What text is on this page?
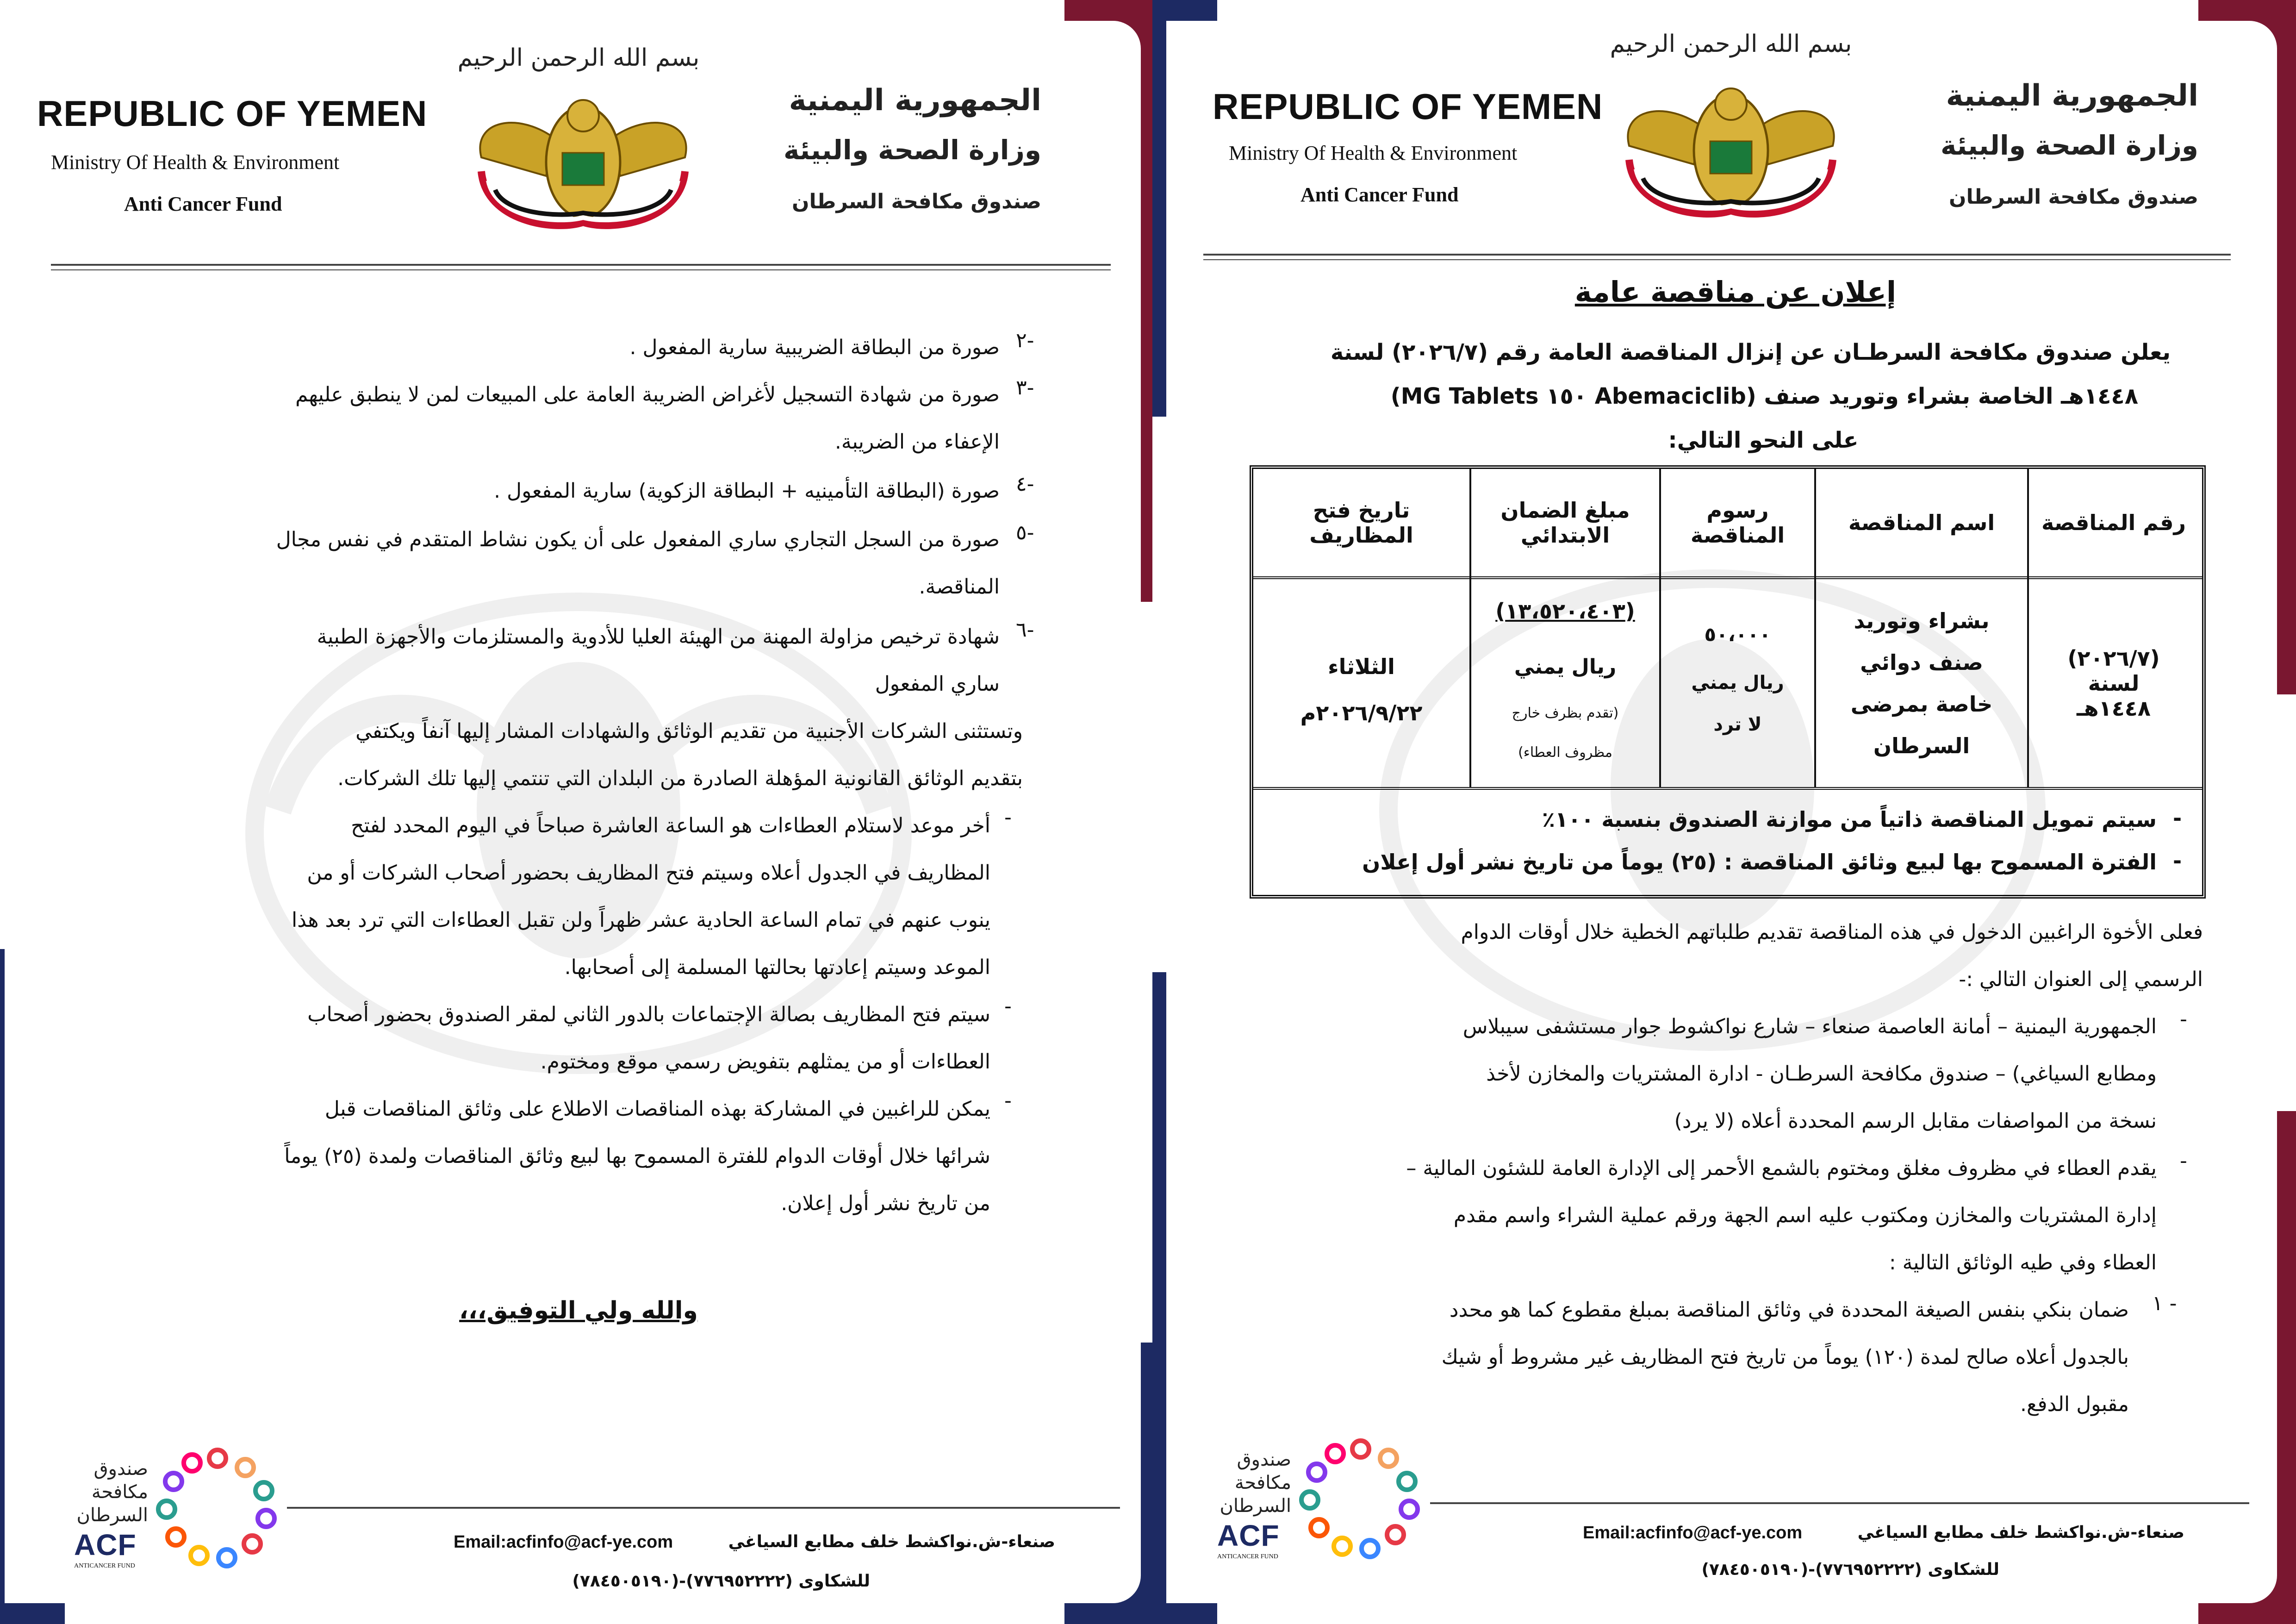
REPUBLIC OF YEMEN
Ministry Of Health & Environment
Anti Cancer Fund
بسم الله الرحمن الرحيم
الجمهورية اليمنية
وزارة الصحة والبيئة
صندوق مكافحة السرطان
٢-
صورة من البطاقة الضريبية سارية المفعول .
٣-
صورة من شهادة التسجيل لأغراض الضريبة العامة على المبيعات لمن لا ينطبق عليهم
الإعفاء من الضريبة.
٤-
صورة (البطاقة التأمينيه + البطاقة الزكوية) سارية المفعول .
٥-
صورة من السجل التجاري ساري المفعول على أن يكون نشاط المتقدم في نفس مجال
المناقصة.
٦-
شهادة ترخيص مزاولة المهنة من الهيئة العليا للأدوية والمستلزمات والأجهزة الطبية
ساري المفعول
وتستثنى الشركات الأجنبية من تقديم الوثائق والشهادات المشار إليها آنفاً ويكتفي
بتقديم الوثائق القانونية المؤهلة الصادرة من البلدان التي تنتمي إليها تلك الشركات.
-
أخر موعد لاستلام العطاءات هو الساعة العاشرة صباحاً في اليوم المحدد لفتح
المظاريف في الجدول أعلاه وسيتم فتح المظاريف بحضور أصحاب الشركات أو من
ينوب عنهم في تمام الساعة الحادية عشر ظهراً ولن تقبل العطاءات التي ترد بعد هذا
الموعد وسيتم إعادتها بحالتها المسلمة إلى أصحابها.
-
سيتم فتح المظاريف بصالة الإجتماعات بالدور الثاني لمقر الصندوق بحضور أصحاب
العطاءات أو من يمثلهم بتفويض رسمي موقع ومختوم.
-
يمكن للراغبين في المشاركة بهذه المناقصات الاطلاع على وثائق المناقصات قبل
شرائها خلال أوقات الدوام للفترة المسموح بها لبيع وثائق المناقصات ولمدة (٢٥) يوماً
من تاريخ نشر أول إعلان.
والله ولي التوفيق،،،
صندوق
مكافحة
السرطان
ACF
ANTICANCER FUND
Email:acfinfo@acf-ye.com	صنعاء-ش.نواكشط خلف مطابع السياغي
للشكاوى (٧٧٦٩٥٢٢٢٢)-(٧٨٤٥٠٥١٩٠)
REPUBLIC OF YEMEN
Ministry Of Health & Environment
Anti Cancer Fund
بسم الله الرحمن الرحيم
الجمهورية اليمنية
وزارة الصحة والبيئة
صندوق مكافحة السرطان
إعلان عن مناقصة عامة
يعلن صندوق مكافحة السرطـان عن إنزال المناقصة العامة رقم (٢٠٢٦/٧) لسنة
١٤٤٨هـ الخاصة بشراء وتوريد صنف (Abemaciclib ١٥٠ MG Tablets)
على النحو التالي:
رقم المناقصة
اسم المناقصة
رسوم المناقصة
مبلغ الضمان الابتدائي
تاريخ فتح المظاريف
(٢٠٢٦/٧) لسنة ١٤٤٨هـ
بشراء وتوريد صنف دوائي خاصة بمرضى السرطان
٥٠،٠٠٠
ريال يمني لا ترد
(١٣،٥٢٠،٤٠٣)
ريال يمني
(تقدم بظرف خارج
مظروف العطاء)
الثلاثاء
٢٠٢٦/٩/٢٢م
-
سيتم تمويل المناقصة ذاتياً من موازنة الصندوق بنسبة ١٠٠٪
-
الفترة المسموح بها لبيع وثائق المناقصة : (٢٥) يوماً من تاريخ نشر أول إعلان
فعلى الأخوة الراغبين الدخول في هذه المناقصة تقديم طلباتهم الخطية خلال أوقات الدوام
الرسمي إلى العنوان التالي :-
-
الجمهورية اليمنية – أمانة العاصمة صنعاء – شارع نواكشوط جوار مستشفى سيبلاس
ومطابع السياغي) – صندوق مكافحة السرطـان - ادارة المشتريات والمخازن لأخذ
نسخة من المواصفات مقابل الرسم المحددة أعلاه (لا يرد)
-
يقدم العطاء في مظروف مغلق ومختوم بالشمع الأحمر إلى الإدارة العامة للشئون المالية –
إدارة المشتريات والمخازن ومكتوب عليه اسم الجهة ورقم عملية الشراء واسم مقدم
العطاء وفي طيه الوثائق التالية :
١ -
ضمان بنكي بنفس الصيغة المحددة في وثائق المناقصة بمبلغ مقطوع كما هو محدد
بالجدول أعلاه صالح لمدة (١٢٠) يوماً من تاريخ فتح المظاريف غير مشروط أو شيك
مقبول الدفع.
صندوق
مكافحة
السرطان
ACF
ANTICANCER FUND
Email:acfinfo@acf-ye.com	صنعاء-ش.نواكشط خلف مطابع السياغي
للشكاوى (٧٧٦٩٥٢٢٢٢)-(٧٨٤٥٠٥١٩٠)
